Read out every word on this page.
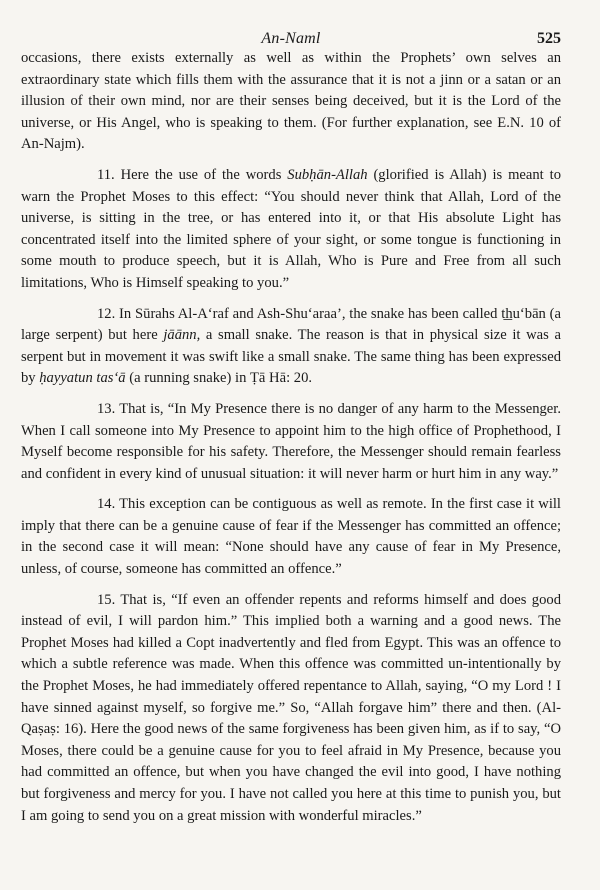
An-Naml	525

occasions, there exists externally as well as within the Prophets’ own selves an extraordinary state which fills them with the assurance that it is not a jinn or a satan or an illusion of their own mind, nor are their senses being deceived, but it is the Lord of the universe, or His Angel, who is speaking to them. (For further explanation, see E.N. 10 of An-Najm).

11. Here the use of the words Subḥān-Allah (glorified is Allah) is meant to warn the Prophet Moses to this effect: “You should never think that Allah, Lord of the universe, is sitting in the tree, or has entered into it, or that His absolute Light has concentrated itself into the limited sphere of your sight, or some tongue is functioning in some mouth to produce speech, but it is Allah, Who is Pure and Free from all such limitations, Who is Himself speaking to you.”

12. In Sūrahs Al-A‘raf and Ash-Shu‘araa’, the snake has been called t͟hu‘bān (a large serpent) but here jāānn, a small snake. The reason is that in physical size it was a serpent but in movement it was swift like a small snake. The same thing has been expressed by ḥayyatun tas‘ā (a running snake) in Ṭā Hā: 20.

13. That is, “In My Presence there is no danger of any harm to the Messenger. When I call someone into My Presence to appoint him to the high office of Prophethood, I Myself become responsible for his safety. Therefore, the Messenger should remain fearless and confident in every kind of unusual situation: it will never harm or hurt him in any way.”

14. This exception can be contiguous as well as remote. In the first case it will imply that there can be a genuine cause of fear if the Messenger has committed an offence; in the second case it will mean: “None should have any cause of fear in My Presence, unless, of course, someone has committed an offence.”

15. That is, “If even an offender repents and reforms himself and does good instead of evil, I will pardon him.” This implied both a warning and a good news. The Prophet Moses had killed a Copt inadvertently and fled from Egypt. This was an offence to which a subtle reference was made. When this offence was committed un-intentionally by the Prophet Moses, he had immediately offered repentance to Allah, saying, “O my Lord ! I have sinned against myself, so forgive me.” So, “Allah forgave him” there and then. (Al-Qaṣaṣ: 16). Here the good news of the same forgiveness has been given him, as if to say, “O Moses, there could be a genuine cause for you to feel afraid in My Presence, because you had committed an offence, but when you have changed the evil into good, I have nothing but forgiveness and mercy for you. I have not called you here at this time to punish you, but I am going to send you on a great mission with wonderful miracles.”
